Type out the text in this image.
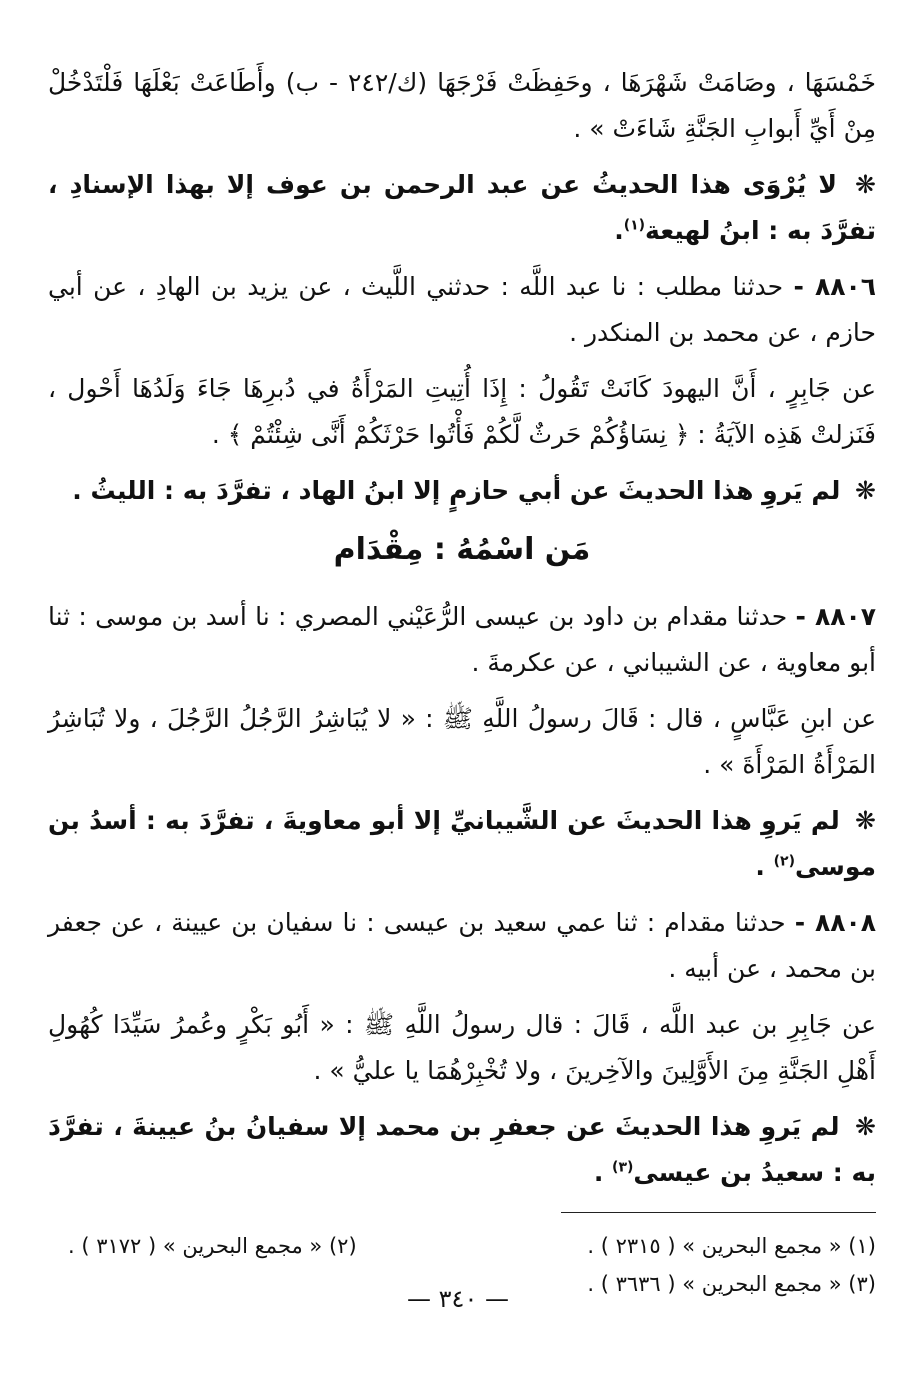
خَمْسَهَا ، وصَامَتْ شَهْرَهَا ، وحَفِظَتْ فَرْجَهَا (ك/٢٤٢ - ب) وأَطَاعَتْ بَعْلَهَا فَلْتَدْخُلْ مِنْ أَيِّ أَبوابِ الجَنَّةِ شَاءَتْ » .

❋ لا يُرْوَى هذا الحديثُ عن عبد الرحمن بن عوف إلا بهذا الإسنادِ ، تفرَّدَ به : ابنُ لهيعة$^{(١)}$.

٨٨٠٦ - حدثنا مطلب : نا عبد اللَّه : حدثني اللَّيث ، عن يزيد بن الهادِ ، عن أبي حازم ، عن محمد بن المنكدر .

عن جَابِرٍ ، أَنَّ اليهودَ كَانَتْ تَقُولُ : إِذَا أُتِيتِ المَرْأَةُ في دُبرِهَا جَاءَ وَلَدُهَا أَحْول ، فَنَزلتْ هَذِه الآيَةُ : ﴿ نِسَاؤُكُمْ حَرثٌ لَّكُمْ فَأْتُوا حَرْثَكُمْ أَنَّى شِئْتُمْ ﴾ .

❋ لم يَروِ هذا الحديثَ عن أبي حازمٍ إلا ابنُ الهاد ، تفرَّدَ به : الليثُ .

مَن اسْمُهُ : مِقْدَام

٨٨٠٧ - حدثنا مقدام بن داود بن عيسى الرُّعَيْني المصري : نا أسد بن موسى : ثنا أبو معاوية ، عن الشيباني ، عن عكرمةَ .

عن ابنِ عَبَّاسٍ ، قال : قَالَ رسولُ اللَّهِ ﷺ : « لا يُبَاشِرُ الرَّجُلُ الرَّجُلَ ، ولا تُبَاشِرُ المَرْأَةُ المَرْأَةَ » .

❋ لم يَروِ هذا الحديثَ عن الشَّيبانيِّ إلا أبو معاويةَ ، تفرَّدَ به : أسدُ بن موسى$^{(٢)}$ .

٨٨٠٨ - حدثنا مقدام : ثنا عمي سعيد بن عيسى : نا سفيان بن عيينة ، عن جعفر بن محمد ، عن أبيه .

عن جَابِرِ بن عبد اللَّه ، قَالَ : قال رسولُ اللَّهِ ﷺ : « أَبُو بَكْرٍ وعُمرُ سَيِّدَا كُهُولِ أَهْلِ الجَنَّةِ مِنَ الأَوَّلِينَ والآخِرينَ ، ولا تُخْبِرْهُمَا يا عليُّ » .

❋ لم يَروِ هذا الحديثَ عن جعفرِ بن محمد إلا سفيانُ بنُ عيينةَ ، تفرَّدَ به : سعيدُ بن عيسى$^{(٣)}$ .

(١) « مجمع البحرين » ( ٢٣١٥ ) .
(٢) « مجمع البحرين » ( ٣١٧٢ ) .
(٣) « مجمع البحرين » ( ٣٦٣٦ ) .
— ٣٤٠ —
